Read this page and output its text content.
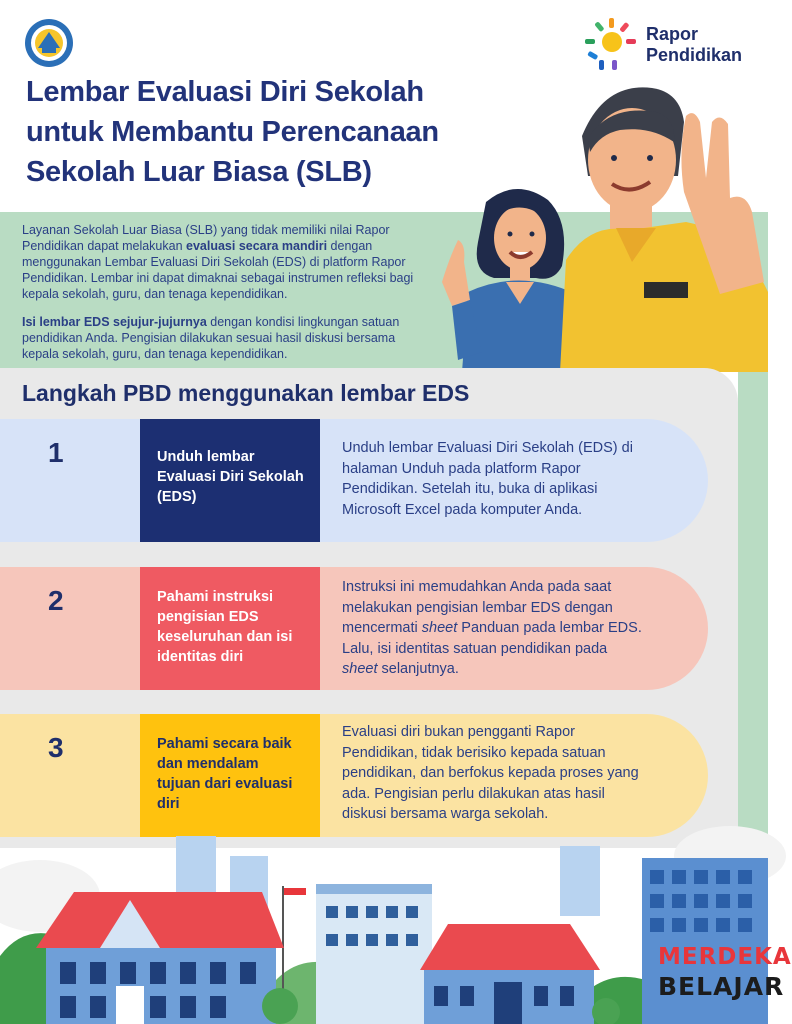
Rapor
Pendidikan
Lembar Evaluasi Diri Sekolah
untuk Membantu Perencanaan
Sekolah Luar Biasa (SLB)
Layanan Sekolah Luar Biasa (SLB) yang tidak memiliki nilai Rapor Pendidikan dapat melakukan evaluasi secara mandiri dengan menggunakan Lembar Evaluasi Diri Sekolah (EDS) di platform Rapor Pendidikan. Lembar ini dapat dimaknai sebagai instrumen refleksi bagi kepala sekolah, guru, dan tenaga kependidikan.
Isi lembar EDS sejujur-jujurnya dengan kondisi lingkungan satuan pendidikan Anda. Pengisian dilakukan sesuai hasil diskusi bersama kepala sekolah, guru, dan tenaga kependidikan.
Langkah PBD menggunakan lembar EDS
1	Unduh lembar Evaluasi Diri Sekolah (EDS)
Unduh lembar Evaluasi Diri Sekolah (EDS) di halaman Unduh pada platform Rapor Pendidikan. Setelah itu, buka di aplikasi Microsoft Excel pada komputer Anda.
2	Pahami instruksi pengisian EDS keseluruhan dan isi identitas diri
Instruksi ini memudahkan Anda pada saat melakukan pengisian lembar EDS dengan mencermati sheet Panduan pada lembar EDS. Lalu, isi identitas satuan pendidikan pada sheet selanjutnya.
3	Pahami secara baik dan mendalam tujuan dari evaluasi diri
Evaluasi diri bukan pengganti Rapor Pendidikan, tidak berisiko kepada satuan pendidikan, dan berfokus kepada proses yang ada. Pengisian perlu dilakukan atas hasil diskusi bersama warga sekolah.
MERDEKA
BELAJAR
